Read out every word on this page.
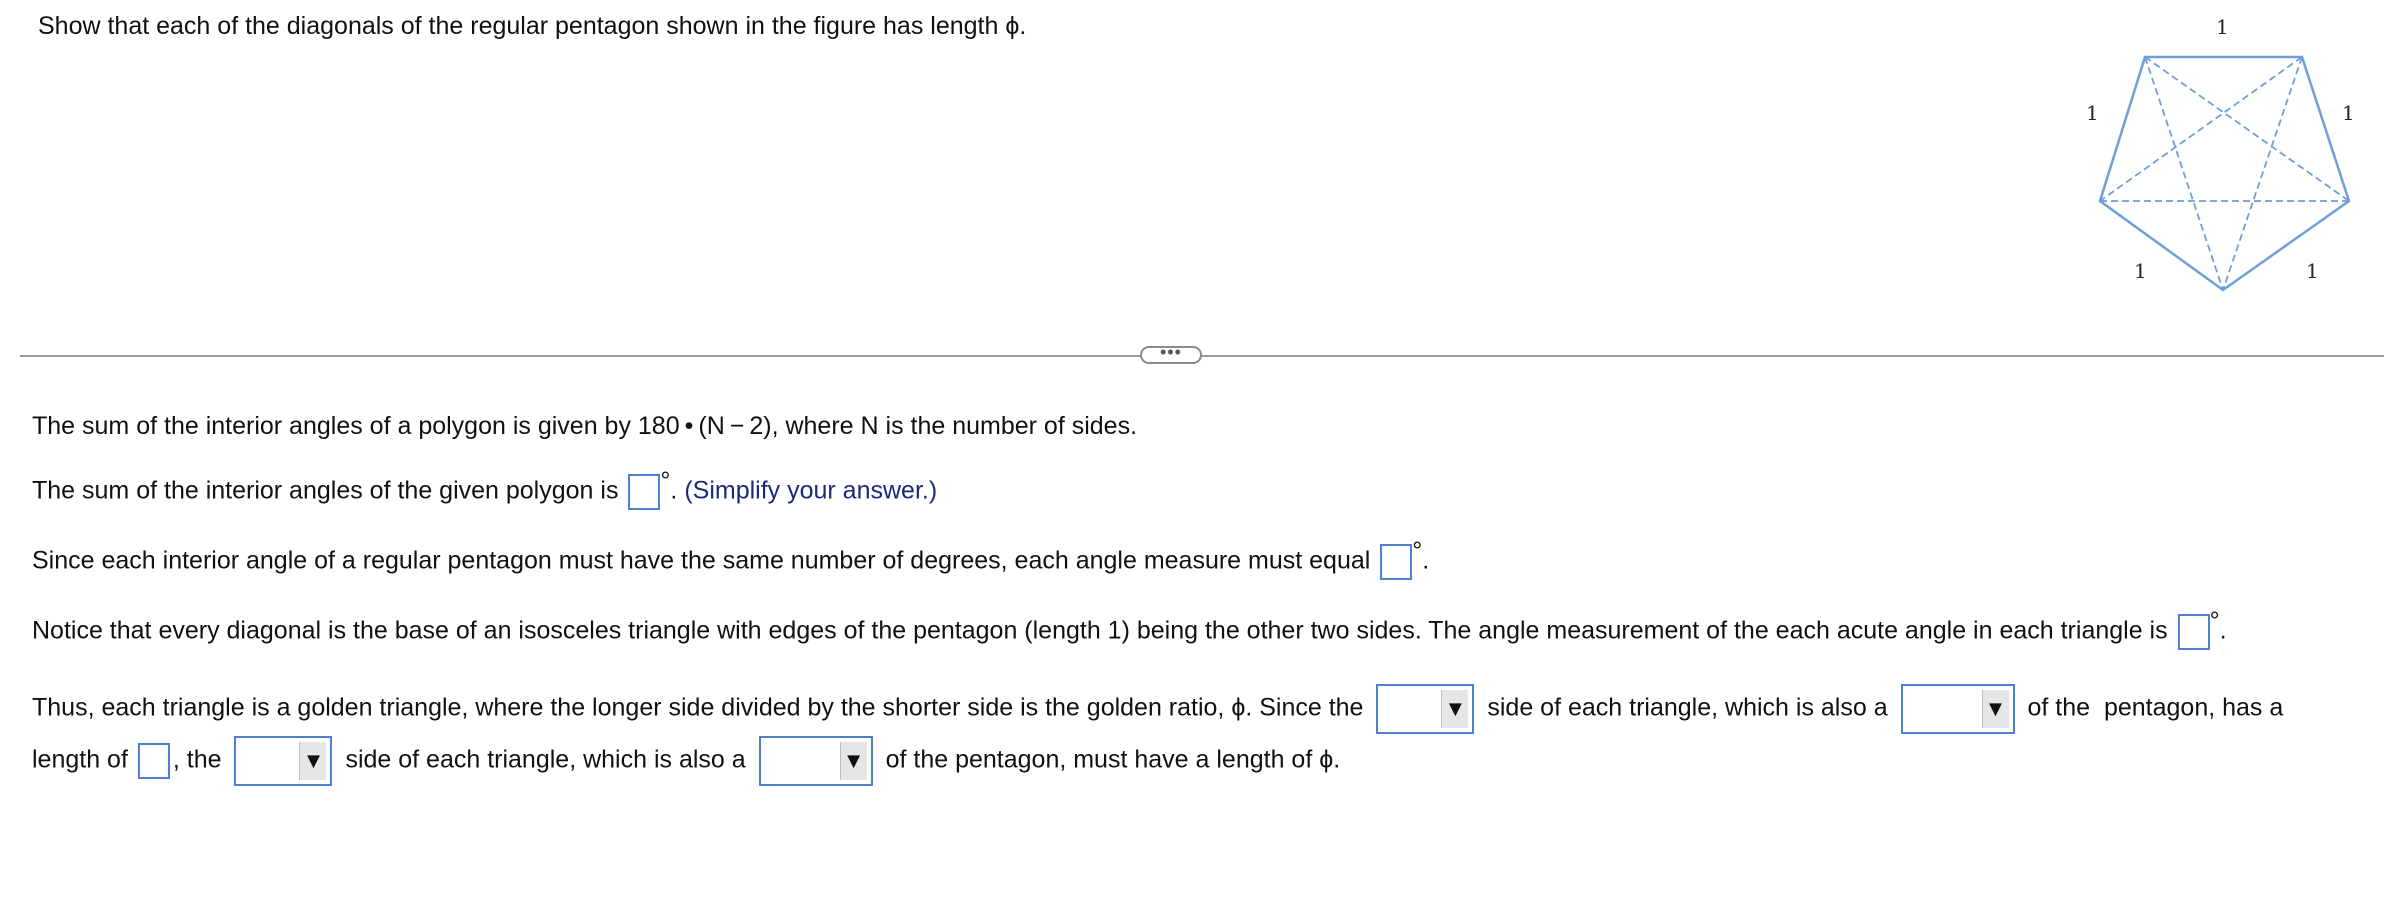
Show that each of the diagonals of the regular pentagon shown in the figure has length ϕ.	1
1	1
1	1
•••
The sum of the interior angles of a polygon is given by 180 • (N − 2), where N is the number of sides.
The sum of the interior angles of the given polygon is °. (Simplify your answer.)
Since each interior angle of a regular pentagon must have the same number of degrees, each angle measure must equal °.
Notice that every diagonal is the base of an isosceles triangle with edges of the pentagon (length 1) being the other two sides. The angle measurement of the each acute angle in each triangle is °.
Thus, each triangle is a golden triangle, where the longer side divided by the shorter side is the golden ratio, ϕ. Since the	▼ side of each triangle, which is also a	▼ of the  pentagon, has a
length of , the	▼ side of each triangle, which is also a	▼ of the pentagon, must have a length of ϕ.
